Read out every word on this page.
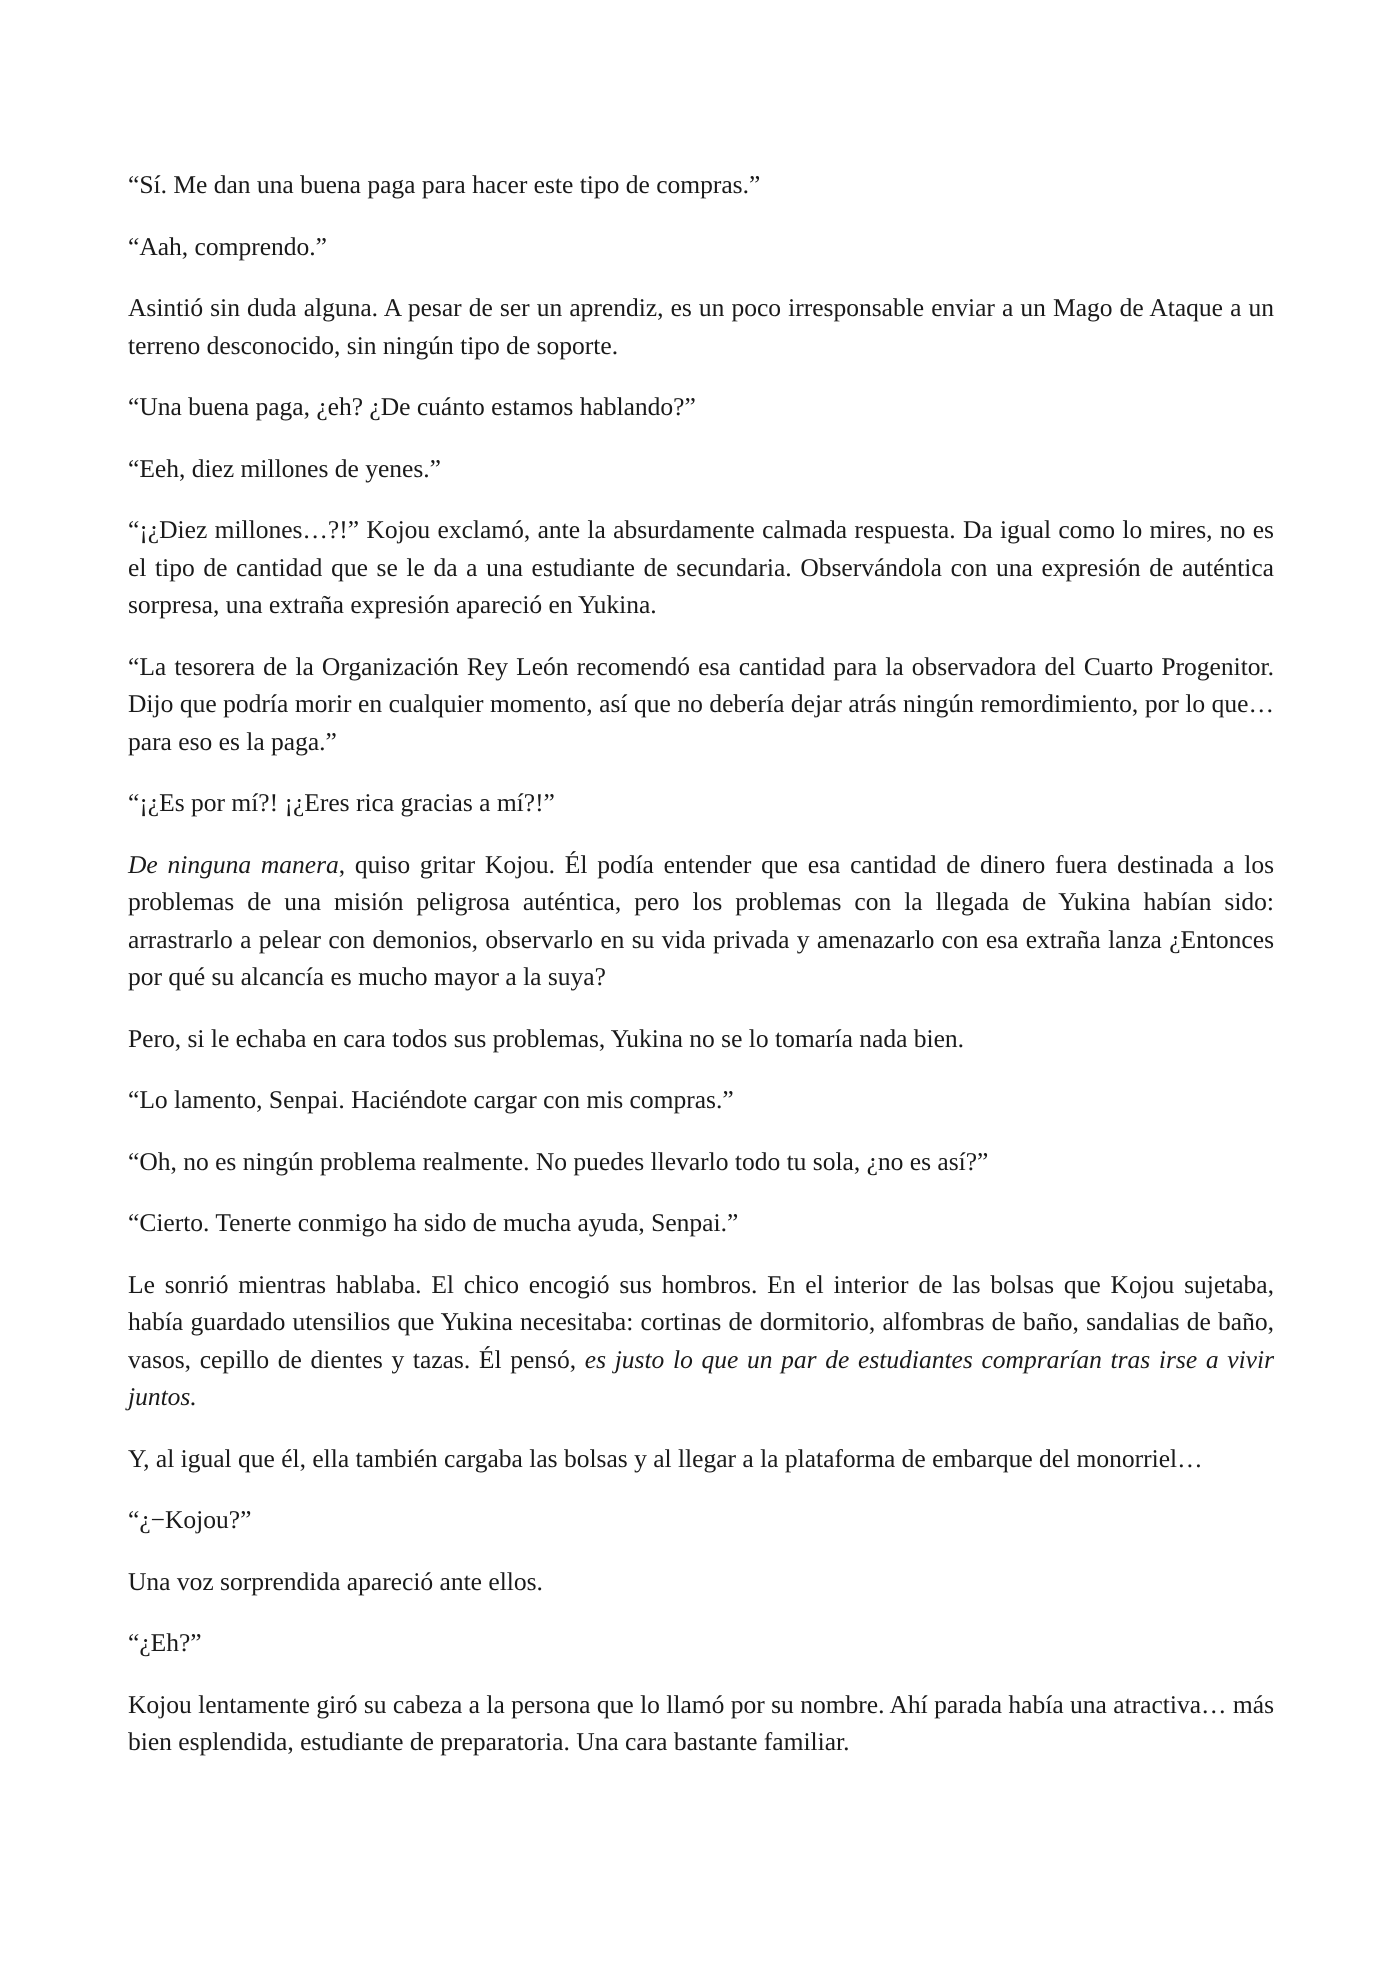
“Sí. Me dan una buena paga para hacer este tipo de compras.”

“Aah, comprendo.”

Asintió sin duda alguna. A pesar de ser un aprendiz, es un poco irresponsable enviar a un Mago de Ataque a un terreno desconocido, sin ningún tipo de soporte.

“Una buena paga, ¿eh? ¿De cuánto estamos hablando?”

“Eeh, diez millones de yenes.”

“¡¿Diez millones…?!” Kojou exclamó, ante la absurdamente calmada respuesta. Da igual como lo mires, no es el tipo de cantidad que se le da a una estudiante de secundaria. Observándola con una expresión de auténtica sorpresa, una extraña expresión apareció en Yukina.

“La tesorera de la Organización Rey León recomendó esa cantidad para la observadora del Cuarto Progenitor. Dijo que podría morir en cualquier momento, así que no debería dejar atrás ningún remordimiento, por lo que… para eso es la paga.”

“¡¿Es por mí?! ¡¿Eres rica gracias a mí?!”

De ninguna manera, quiso gritar Kojou. Él podía entender que esa cantidad de dinero fuera destinada a los problemas de una misión peligrosa auténtica, pero los problemas con la llegada de Yukina habían sido: arrastrarlo a pelear con demonios, observarlo en su vida privada y amenazarlo con esa extraña lanza ¿Entonces por qué su alcancía es mucho mayor a la suya?

Pero, si le echaba en cara todos sus problemas, Yukina no se lo tomaría nada bien.

“Lo lamento, Senpai. Haciéndote cargar con mis compras.”

“Oh, no es ningún problema realmente. No puedes llevarlo todo tu sola, ¿no es así?”

“Cierto. Tenerte conmigo ha sido de mucha ayuda, Senpai.”

Le sonrió mientras hablaba. El chico encogió sus hombros. En el interior de las bolsas que Kojou sujetaba, había guardado utensilios que Yukina necesitaba: cortinas de dormitorio, alfombras de baño, sandalias de baño, vasos, cepillo de dientes y tazas. Él pensó, es justo lo que un par de estudiantes comprarían tras irse a vivir juntos.

Y, al igual que él, ella también cargaba las bolsas y al llegar a la plataforma de embarque del monorriel…

“¿−Kojou?”

Una voz sorprendida apareció ante ellos.

“¿Eh?”

Kojou lentamente giró su cabeza a la persona que lo llamó por su nombre. Ahí parada había una atractiva… más bien esplendida, estudiante de preparatoria. Una cara bastante familiar.
